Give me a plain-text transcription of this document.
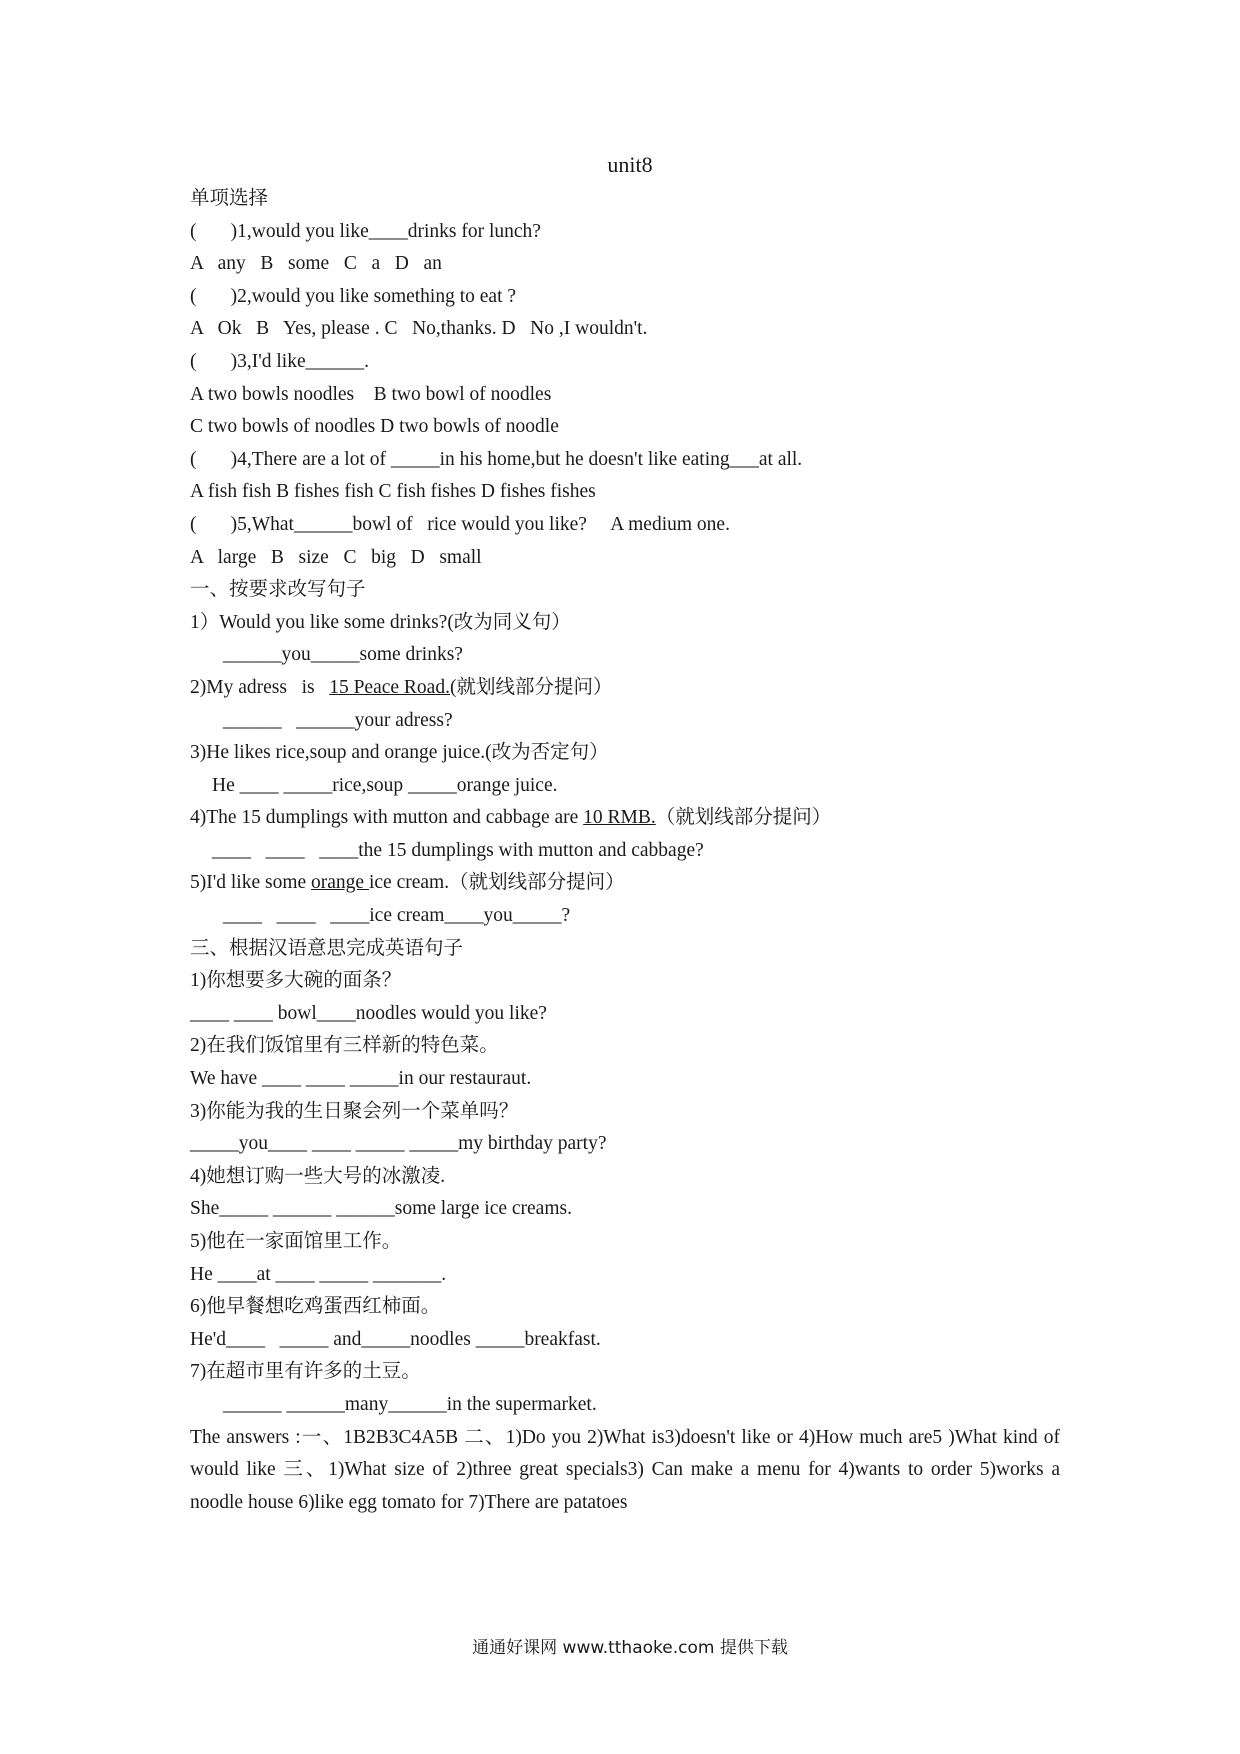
unit8
单项选择
(       )1,would you like____drinks for lunch?
A   any   B   some   C   a   D   an
(       )2,would you like something to eat ?
A   Ok   B   Yes, please . C   No,thanks. D   No ,I wouldn't.
(       )3,I'd like______.
A two bowls noodles    B two bowl of noodles
C two bowls of noodles D two bowls of noodle
(       )4,There are a lot of _____in his home,but he doesn't like eating___at all.
A fish fish B fishes fish C fish fishes D fishes fishes
(       )5,What______bowl of   rice would you like?     A medium one.
A   large   B   size   C   big   D   small
一、按要求改写句子
1）Would you like some drinks?(改为同义句）
______you_____some drinks?
2)My adress   is   15 Peace Road.(就划线部分提问）
______   ______your adress?
3)He likes rice,soup and orange juice.(改为否定句）
He ____ _____rice,soup _____orange juice.
4)The 15 dumplings with mutton and cabbage are 10 RMB.（就划线部分提问）
____   ____   ____the 15 dumplings with mutton and cabbage?
5)I'd like some orange ice cream.（就划线部分提问）
____   ____   ____ice cream____you_____?
三、根据汉语意思完成英语句子
1)你想要多大碗的面条？
____ ____ bowl____noodles would you like?
2)在我们饭馆里有三样新的特色菜。
We have ____ ____ _____in our restauraut.
3)你能为我的生日聚会列一个菜单吗？
_____you____ ____ _____ _____my birthday party?
4)她想订购一些大号的冰激凌.
She_____ ______ ______some large ice creams.
5)他在一家面馆里工作。
He ____at ____ _____ _______.
6)他早餐想吃鸡蛋西红柿面。
He'd____   _____ and_____noodles _____breakfast.
7)在超市里有许多的土豆。
______ ______many______in the supermarket.
The answers :一、1B2B3C4A5B 二、1)Do you 2)What is3)doesn't like or 4)How much are5 )What kind of would like 三、1)What size of 2)three great specials3) Can make a menu for 4)wants to order 5)works a noodle house 6)like egg tomato for 7)There are patatoes
通通好课网 www.tthaoke.com 提供下载
